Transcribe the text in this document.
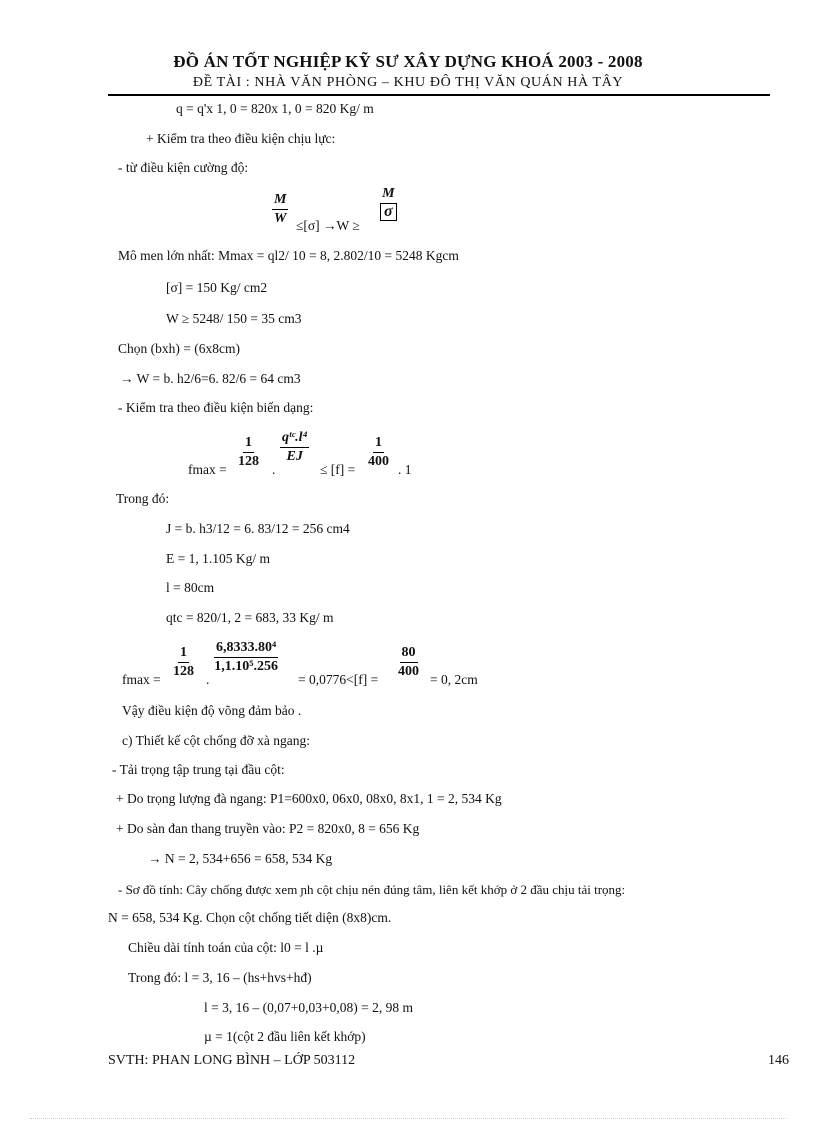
ĐỒ ÁN TỐT NGHIỆP KỸ SƯ XÂY DỰNG KHOÁ 2003 - 2008
ĐỀ TÀI : NHÀ VĂN PHÒNG – KHU ĐÔ THỊ VĂN QUÁN HÀ TÂY
q = q'x 1, 0 = 820x 1, 0 = 820 Kg/ m
+ Kiểm tra theo điều kiện chịu lực:
- từ điều kiện cường độ:
$\frac{M}{W} \le[\sigma] \to W$ ≥
$\frac{M}{\sigma}$
Mô men lớn nhất: Mmax = ql2/ 10 = 8, 2.802/10 = 5248 Kgcm
[σ] = 150 Kg/ cm2
W ≥ 5248/ 150 = 35 cm3
Chọn (bxh) = (6x8cm)
→ W = b. h2/6=6. 82/6 = 64 cm3
- Kiểm tra theo điều kiện biến dạng:
$fmax = \frac{1}{128}$ .
qᵗᶜ.l⁴
EJ
≤ $[f] = \frac{1}{400}$ . 1
Trong đó:
J = b. h3/12 = 6. 83/12 = 256 cm4
E = 1, 1.105 Kg/ m
l = 80cm
qtc = 820/1, 2 = 683, 33 Kg/ m
$fmax = \frac{1}{128}$ .
$\frac{\text{6,8333.80⁴}}{\text{1,1.10⁵.256}}$
= $0,0776<[f] = \frac{80}{400} = 0$, 2cm
Vậy điều kiện độ võng đảm bảo .
c) Thiết kế cột chống đỡ xà ngang:
- Tải trọng tập trung tại đầu cột:
+ Do trọng lượng đà ngang: P1=600x0, 06x0, 08x0, 8x1, 1 = 2, 534 Kg
+ Do sàn đan thang truyền vào: P2 = 820x0, 8 = 656 Kg
→ N = 2, 534+656 = 658, 534 Kg
- Sơ đồ tính: Cây chống được xem ɲh cột chịu nén đúng tâm, liên kết khớp ở 2 đầu chịu tải trọng:
N = 658, 534 Kg. Chọn cột chống tiết diện (8x8)cm.
Chiều dài tính toán của cột: l0 = l .µ
Trong đó: l = 3, 16 – (hs+hvs+hđ)
l = 3, 16 – (0,07+0,03+0,08) = 2, 98 m
µ = 1(cột 2 đầu liên kết khớp)
SVTH: PHAN LONG BÌNH – LỚP 503112	146
